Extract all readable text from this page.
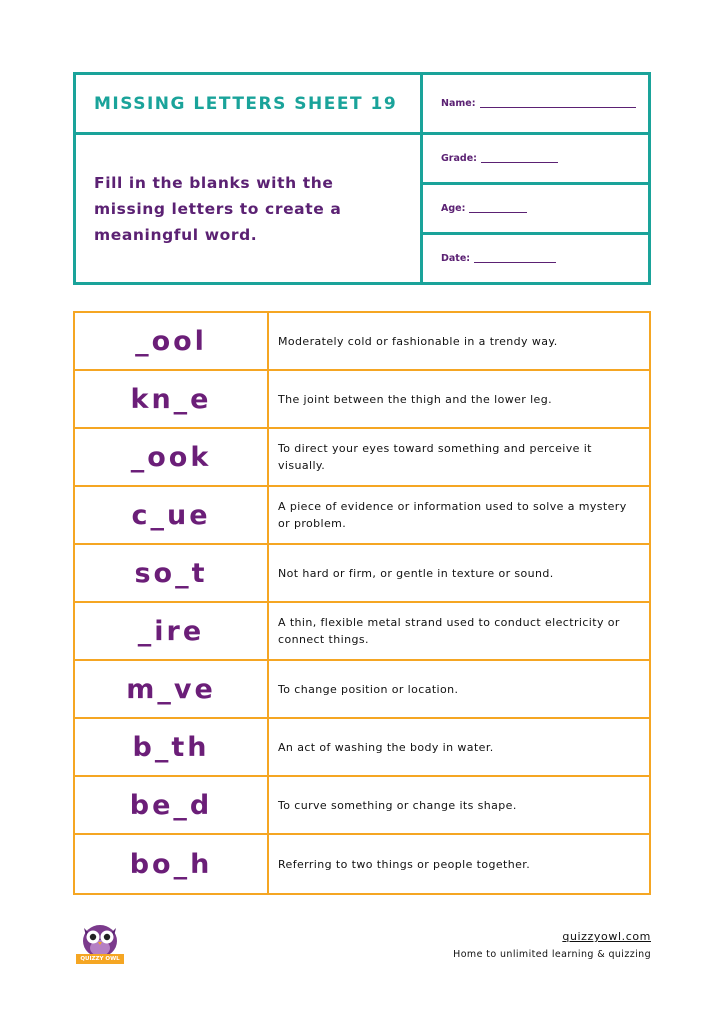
MISSING LETTERS SHEET 19
Fill in the blanks with the missing letters to create a meaningful word.
Name:
Grade:
Age:
Date:
_ool	Moderately cold or fashionable in a trendy way.
kn_e	The joint between the thigh and the lower leg.
_ook	To direct your eyes toward something and perceive it visually.
c_ue	A piece of evidence or information used to solve a mystery or problem.
so_t	Not hard or firm, or gentle in texture or sound.
_ire	A thin, flexible metal strand used to conduct electricity or connect things.
m_ve	To change position or location.
b_th	An act of washing the body in water.
be_d	To curve something or change its shape.
bo_h	Referring to two things or people together.
QUIZZY OWL
quizzyowl.com
Home to unlimited learning & quizzing
